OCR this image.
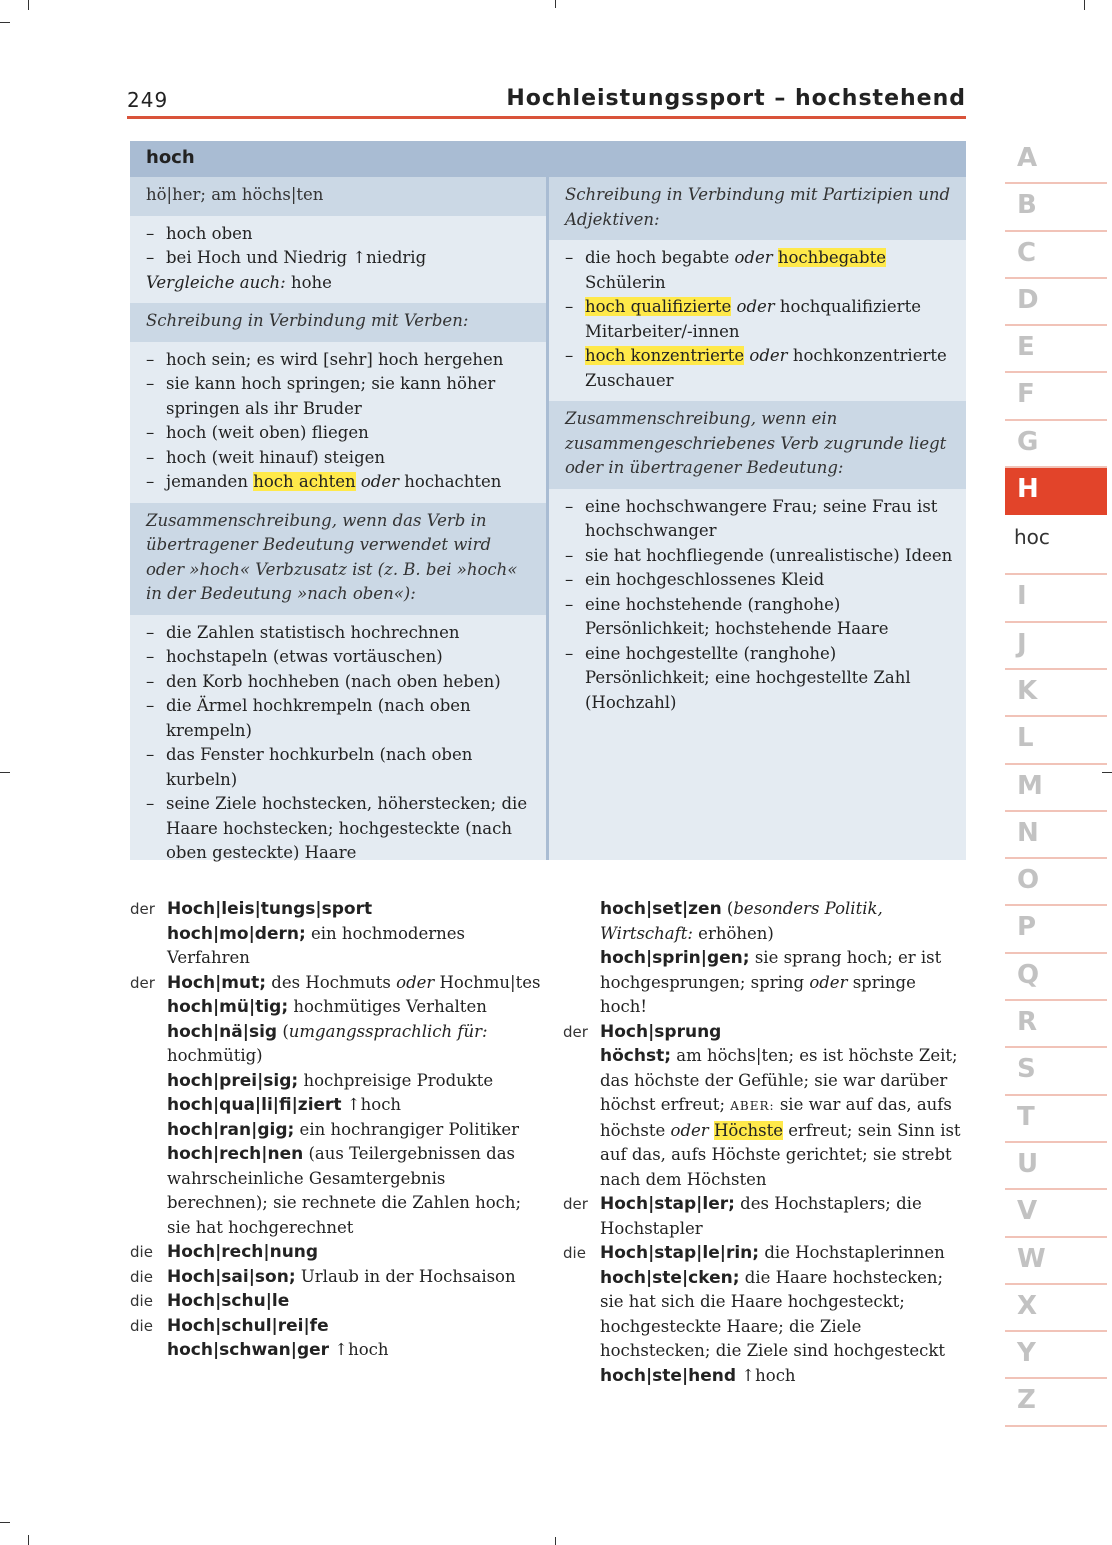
249	Hochleistungssport – hochstehend
hoch
hö|her; am höchs|ten
– hoch oben
– bei Hoch und Niedrig ↑niedrig
Vergleiche auch: hohe
Schreibung in Verbindung mit Verben:
– hoch sein; es wird [sehr] hoch hergehen
– sie kann hoch springen; sie kann höher springen als ihr Bruder
– hoch (weit oben) fliegen
– hoch (weit hinauf) steigen
– jemanden hoch achten oder hochachten
Zusammenschreibung, wenn das Verb in übertragener Bedeutung verwendet wird oder »hoch« Verbzusatz ist (z. B. bei »hoch« in der Bedeutung »nach oben«):
– die Zahlen statistisch hochrechnen
– hochstapeln (etwas vortäuschen)
– den Korb hochheben (nach oben heben)
– die Ärmel hochkrempeln (nach oben krempeln)
– das Fenster hochkurbeln (nach oben kurbeln)
– seine Ziele hochstecken, höherstecken; die Haare hochstecken; hochgesteckte (nach oben gesteckte) Haare
Schreibung in Verbindung mit Partizipien und Adjektiven:
– die hoch begabte oder hochbegabte Schülerin
– hoch qualifizierte oder hochqualifizierte Mitarbeiter/-innen
– hoch konzentrierte oder hochkonzentrierte Zuschauer
Zusammenschreibung, wenn ein zusammengeschriebenes Verb zugrunde liegt oder in übertragener Bedeutung:
– eine hochschwangere Frau; seine Frau ist hochschwanger
– sie hat hochfliegende (unrealistische) Ideen
– ein hochgeschlossenes Kleid
– eine hochstehende (ranghohe) Persönlichkeit; hochstehende Haare
– eine hochgestellte (ranghohe) Persönlichkeit; eine hochgestellte Zahl (Hochzahl)
der Hoch|leis|tungs|sport
hoch|mo|dern; ein hochmodernes Verfahren
der Hoch|mut; des Hochmuts oder Hochmu|tes
hoch|mü|tig; hochmütiges Verhalten
hoch|nä|sig (umgangssprachlich für: hochmütig)
hoch|prei|sig; hochpreisige Produkte
hoch|qua|li|fi|ziert ↑hoch
hoch|ran|gig; ein hochrangiger Politiker
hoch|rech|nen (aus Teilergebnissen das wahrscheinliche Gesamtergebnis berechnen); sie rechnete die Zahlen hoch; sie hat hochgerechnet
die Hoch|rech|nung
die Hoch|sai|son; Urlaub in der Hochsaison
die Hoch|schu|le
die Hoch|schul|rei|fe
hoch|schwan|ger ↑hoch
hoch|set|zen (besonders Politik, Wirtschaft: erhöhen)
hoch|sprin|gen; sie sprang hoch; er ist hochgesprungen; spring oder springe hoch!
der Hoch|sprung
höchst; am höchs|ten; es ist höchste Zeit; das höchste der Gefühle; sie war darüber höchst erfreut; ABER: sie war auf das, aufs höchste oder Höchste erfreut; sein Sinn ist auf das, aufs Höchste gerichtet; sie strebt nach dem Höchsten
der Hoch|stap|ler; des Hochstaplers; die Hochstapler
die Hoch|stap|le|rin; die Hochstaplerinnen
hoch|ste|cken; die Haare hochstecken; sie hat sich die Haare hochgesteckt; hochgesteckte Haare; die Ziele hochstecken; die Ziele sind hochgesteckt
hoch|ste|hend ↑hoch
A
B
C
D
E
F
G
H
hoc
I
J
K
L
M
N
O
P
Q
R
S
T
U
V
W
X
Y
Z
